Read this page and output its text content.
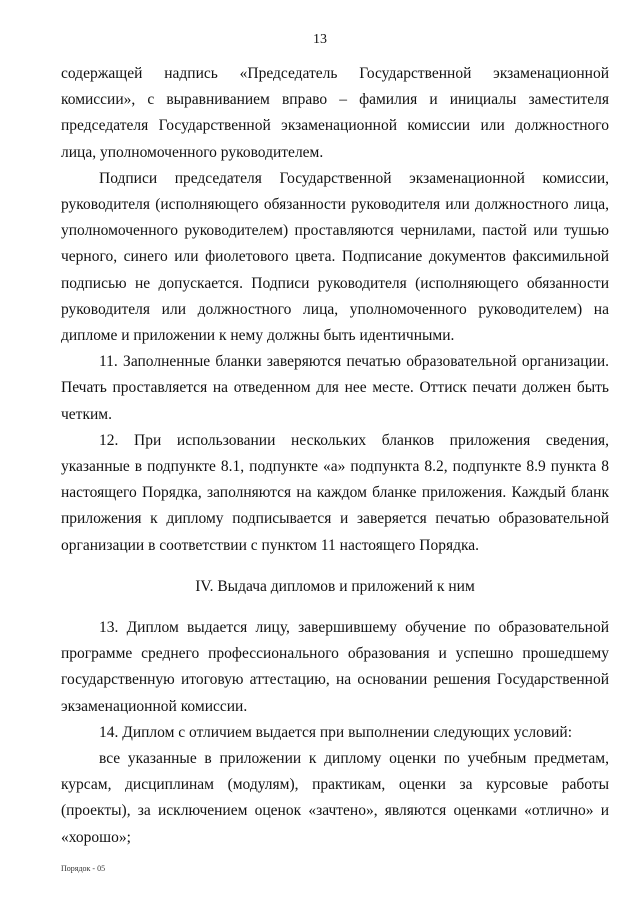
13

содержащей надпись «Председатель Государственной экзаменационной комиссии», с выравниванием вправо – фамилия и инициалы заместителя председателя Государственной экзаменационной комиссии или должностного лица, уполномоченного руководителем.

Подписи председателя Государственной экзаменационной комиссии, руководителя (исполняющего обязанности руководителя или должностного лица, уполномоченного руководителем) проставляются чернилами, пастой или тушью черного, синего или фиолетового цвета. Подписание документов факсимильной подписью не допускается. Подписи руководителя (исполняющего обязанности руководителя или должностного лица, уполномоченного руководителем) на дипломе и приложении к нему должны быть идентичными.

11. Заполненные бланки заверяются печатью образовательной организации. Печать проставляется на отведенном для нее месте. Оттиск печати должен быть четким.

12. При использовании нескольких бланков приложения сведения, указанные в подпункте 8.1, подпункте «а» подпункта 8.2, подпункте 8.9 пункта 8 настоящего Порядка, заполняются на каждом бланке приложения. Каждый бланк приложения к диплому подписывается и заверяется печатью образовательной организации в соответствии с пунктом 11 настоящего Порядка.

IV. Выдача дипломов и приложений к ним

13. Диплом выдается лицу, завершившему обучение по образовательной программе среднего профессионального образования и успешно прошедшему государственную итоговую аттестацию, на основании решения Государственной экзаменационной комиссии.

14. Диплом с отличием выдается при выполнении следующих условий:

все указанные в приложении к диплому оценки по учебным предметам, курсам, дисциплинам (модулям), практикам, оценки за курсовые работы (проекты), за исключением оценок «зачтено», являются оценками «отлично» и «хорошо»;

Порядок - 05
